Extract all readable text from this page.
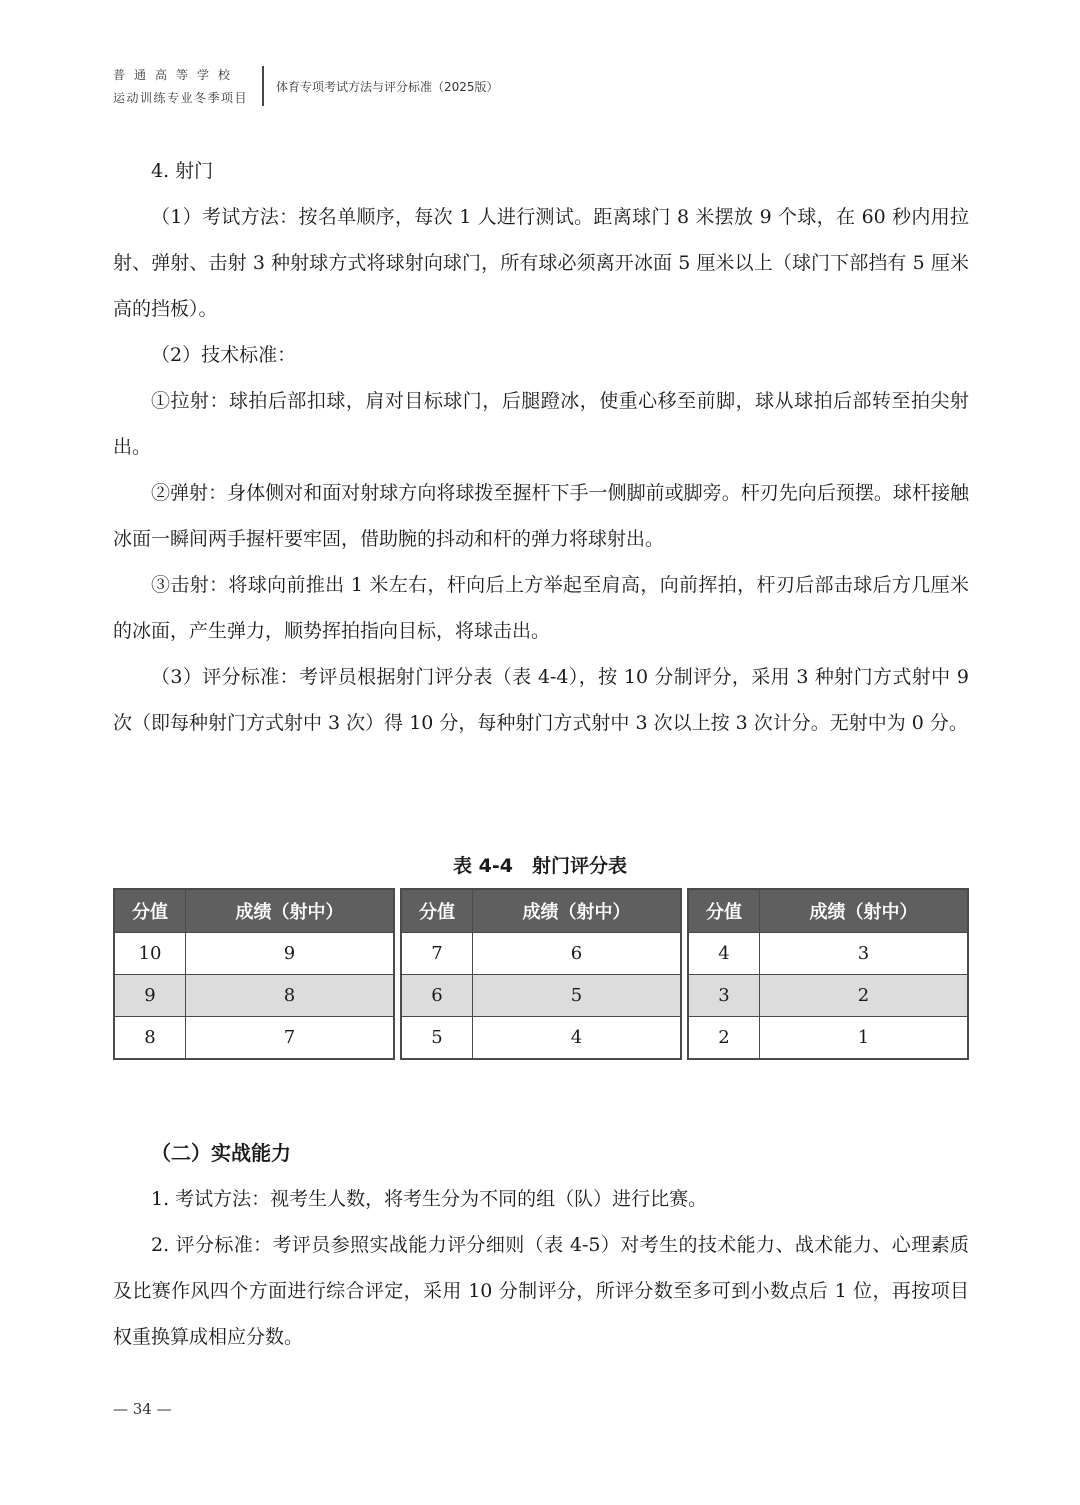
普通高等学校
运动训练专业冬季项目
体育专项考试方法与评分标准（2025版）

4. 射门

（1）考试方法：按名单顺序，每次 1 人进行测试。距离球门 8 米摆放 9 个球，在 60 秒内用拉射、弹射、击射 3 种射球方式将球射向球门，所有球必须离开冰面 5 厘米以上（球门下部挡有 5 厘米高的挡板）。

（2）技术标准：

①拉射：球拍后部扣球，肩对目标球门，后腿蹬冰，使重心移至前脚，球从球拍后部转至拍尖射出。

②弹射：身体侧对和面对射球方向将球拨至握杆下手一侧脚前或脚旁。杆刃先向后预摆。球杆接触冰面一瞬间两手握杆要牢固，借助腕的抖动和杆的弹力将球射出。

③击射：将球向前推出 1 米左右，杆向后上方举起至肩高，向前挥拍，杆刃后部击球后方几厘米的冰面，产生弹力，顺势挥拍指向目标，将球击出。

（3）评分标准：考评员根据射门评分表（表 4-4），按 10 分制评分，采用 3 种射门方式射中 9 次（即每种射门方式射中 3 次）得 10 分，每种射门方式射中 3 次以上按 3 次计分。无射中为 0 分。

表 4-4　射门评分表
分值	成绩（射中）
10	9
9	8
8	7
分值	成绩（射中）
7	6
6	5
5	4
分值	成绩（射中）
4	3
3	2
2	1

（二）实战能力

1. 考试方法：视考生人数，将考生分为不同的组（队）进行比赛。

2. 评分标准：考评员参照实战能力评分细则（表 4-5）对考生的技术能力、战术能力、心理素质及比赛作风四个方面进行综合评定，采用 10 分制评分，所评分数至多可到小数点后 1 位，再按项目权重换算成相应分数。

— 34 —
